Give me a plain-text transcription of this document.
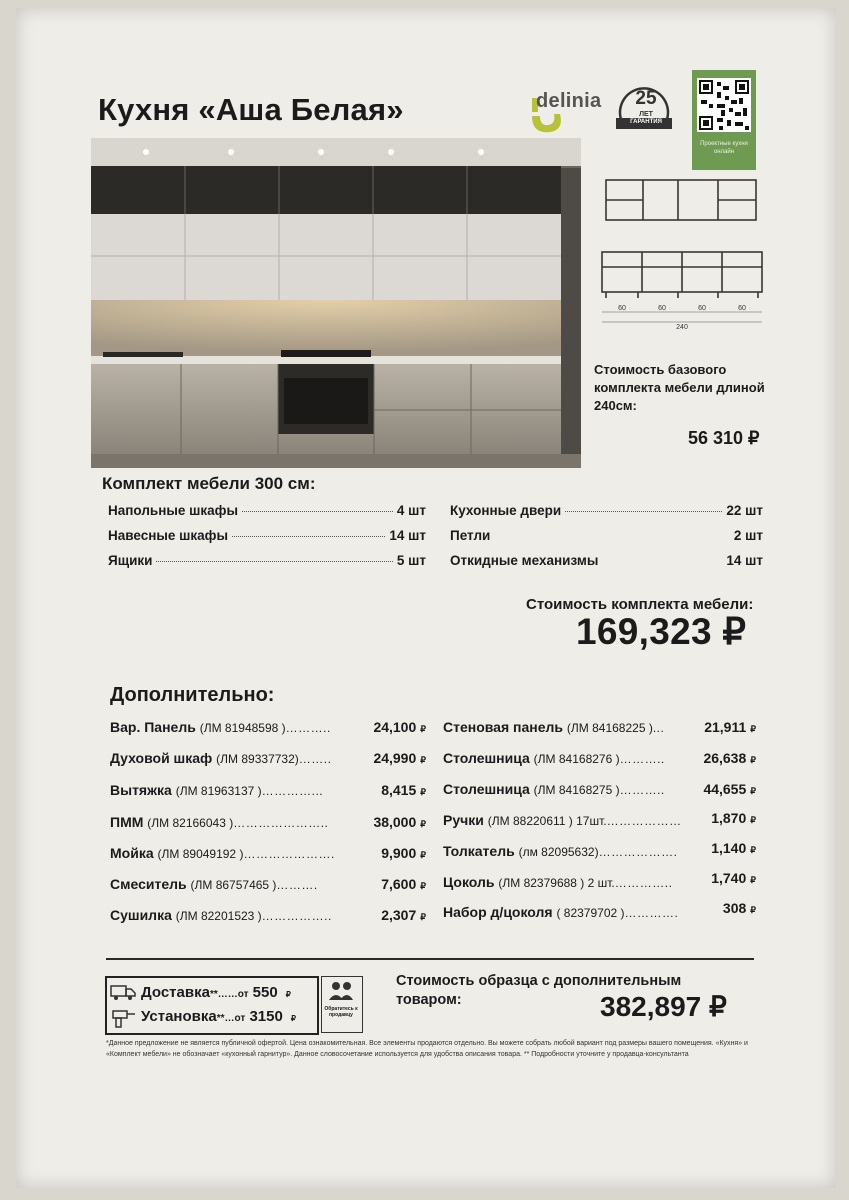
Кухня «Аша Белая»	delinia	25
ЛЕТ
ГАРАНТИЯ
Проектные кухни онлайн
60	60	60	60
240
Стоимость базового комплекта мебели длиной 240см:
56 310 ₽
Комплект мебели 300 см:
Напольные шкафы	4 шт
Навесные шкафы	14 шт
Ящики	5 шт
Кухонные двери	22 шт
Петли	2 шт
Откидные механизмы	14 шт
Стоимость комплекта мебели:
169,323 ₽
Дополнительно:
Вар. Панель (ЛМ 81948598 )………..	24,100 ₽
Духовой шкаф (ЛМ 89337732)……..	24,990 ₽
Вытяжка (ЛМ 81963137 )…………...	8,415 ₽
ПММ (ЛМ 82166043 )…………………..	38,000 ₽
Мойка (ЛМ 89049192 )………………….	9,900 ₽
Смеситель (ЛМ 86757465 )……….	7,600 ₽
Сушилка (ЛМ 82201523 )……………..	2,307 ₽
Стеновая панель (ЛМ 84168225 )...	21,911 ₽
Столешница (ЛМ 84168276 )………..	26,638 ₽
Столешница (ЛМ 84168275 )………..	44,655 ₽
Ручки (ЛМ 88220611 ) 17шт.………………	1,870 ₽
Толкатель (лм 82095632)……………….	1,140 ₽
Цоколь (ЛМ 82379688 ) 2 шт.…………..	1,740 ₽
Набор д/цоколя ( 82379702 )………….	308 ₽
Доставка**……от 550 ₽
Установка**…от 3150 ₽
Обратитесь к продавцу
Стоимость образца с дополнительным товаром:	382,897 ₽
*Данное предложение не является публичной офертой. Цена ознакомительная. Все элементы продаются отдельно. Вы можете собрать любой вариант под размеры вашего помещения. «Кухня» и «Комплект мебели» не обозначает «кухонный гарнитур». Данное словосочетание используется для удобства описания товара. ** Подробности уточните у продавца-консультанта
